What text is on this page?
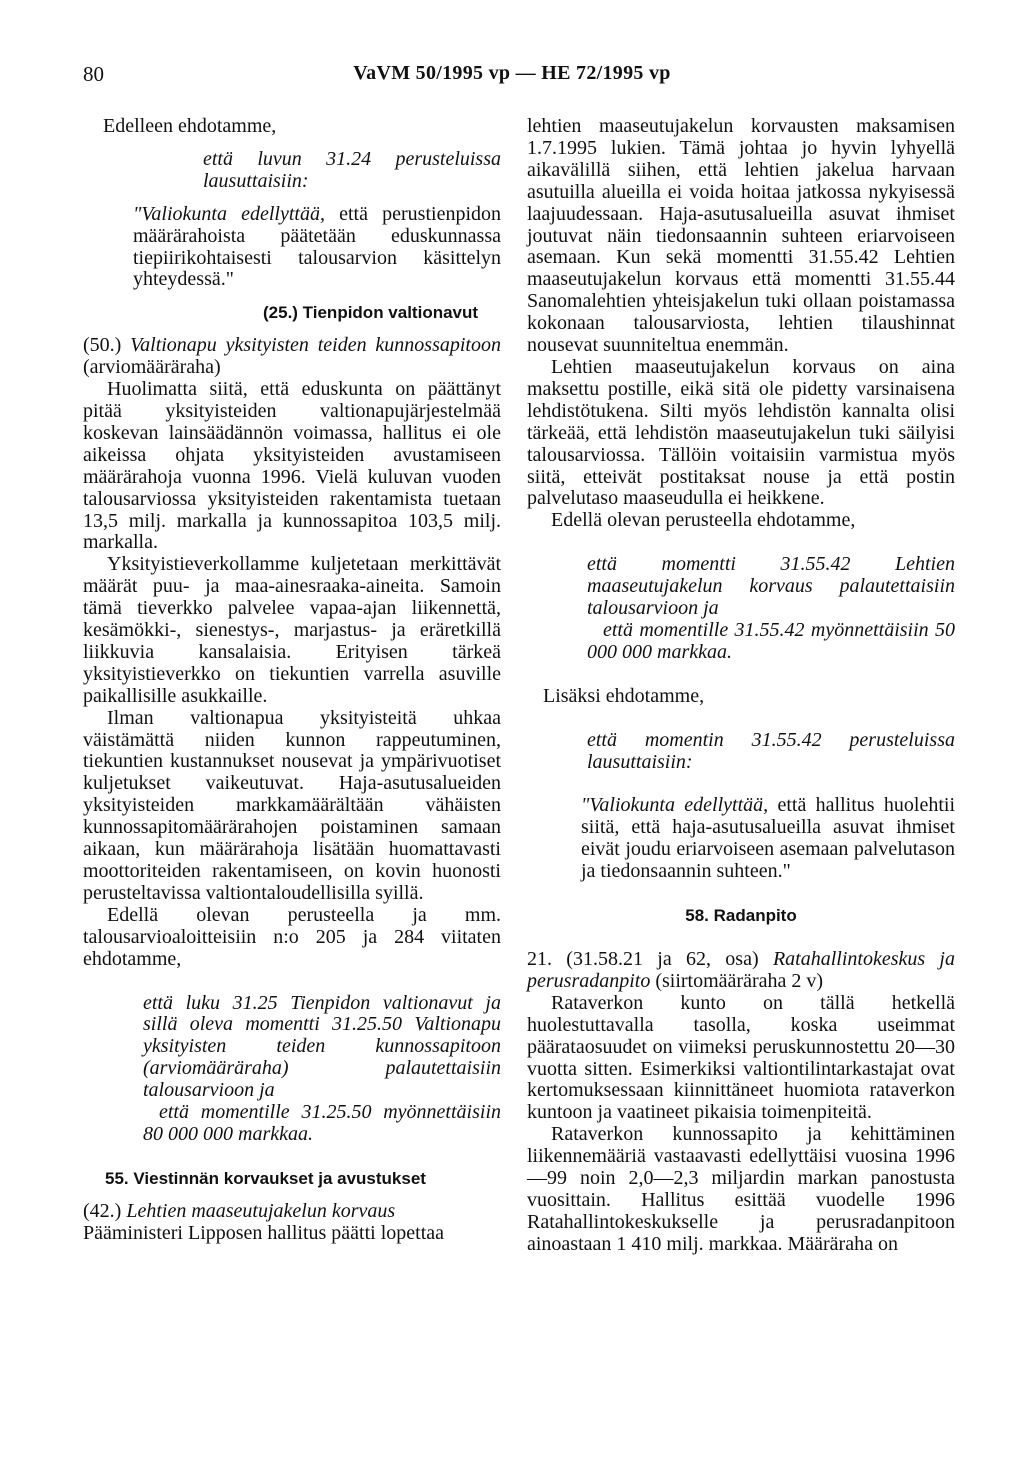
80	VaVM 50/1995 vp — HE 72/1995 vp

Edelleen ehdotamme,

että luvun 31.24 perusteluissa lausuttaisiin:

"Valiokunta edellyttää, että perustienpidon määrärahoista päätetään eduskunnassa tiepiirikohtaisesti talousarvion käsittelyn yhteydessä."

(25.) Tienpidon valtionavut

(50.) Valtionapu yksityisten teiden kunnossapitoon (arviomääräraha)

Huolimatta siitä, että eduskunta on päättänyt pitää yksityisteiden valtionapujärjestelmää koskevan lainsäädännön voimassa, hallitus ei ole aikeissa ohjata yksityisteiden avustamiseen määrärahoja vuonna 1996. Vielä kuluvan vuoden talousarviossa yksityisteiden rakentamista tuetaan 13,5 milj. markalla ja kunnossapitoa 103,5 milj. markalla.

Yksityistieverkollamme kuljetetaan merkittävät määrät puu- ja maa-ainesraaka-aineita. Samoin tämä tieverkko palvelee vapaa-ajan liikennettä, kesämökki-, sienestys-, marjastus- ja eräretkillä liikkuvia kansalaisia. Erityisen tärkeä yksityistieverkko on tiekuntien varrella asuville paikallisille asukkaille.

Ilman valtionapua yksityisteitä uhkaa väistämättä niiden kunnon rappeutuminen, tiekuntien kustannukset nousevat ja ympärivuotiset kuljetukset vaikeutuvat. Haja-asutusalueiden yksityisteiden markkamäärältään vähäisten kunnossapitomäärärahojen poistaminen samaan aikaan, kun määrärahoja lisätään huomattavasti moottoriteiden rakentamiseen, on kovin huonosti perusteltavissa valtiontaloudellisilla syillä.

Edellä olevan perusteella ja mm. talousarvioaloitteisiin n:o 205 ja 284 viitaten ehdotamme,

että luku 31.25 Tienpidon valtionavut ja sillä oleva momentti 31.25.50 Valtionapu yksityisten teiden kunnossapitoon (arviomääräraha) palautettaisiin talousarvioon ja

että momentille 31.25.50 myönnettäisiin 80 000 000 markkaa.

55. Viestinnän korvaukset ja avustukset

(42.) Lehtien maaseutujakelun korvaus

Pääministeri Lipposen hallitus päätti lopettaa

lehtien maaseutujakelun korvausten maksamisen 1.7.1995 lukien. Tämä johtaa jo hyvin lyhyellä aikavälillä siihen, että lehtien jakelua harvaan asutuilla alueilla ei voida hoitaa jatkossa nykyisessä laajuudessaan. Haja-asutusalueilla asuvat ihmiset joutuvat näin tiedonsaannin suhteen eriarvoiseen asemaan. Kun sekä momentti 31.55.42 Lehtien maaseutujakelun korvaus että momentti 31.55.44 Sanomalehtien yhteisjakelun tuki ollaan poistamassa kokonaan talousarviosta, lehtien tilaushinnat nousevat suunniteltua enemmän.

Lehtien maaseutujakelun korvaus on aina maksettu postille, eikä sitä ole pidetty varsinaisena lehdistötukena. Silti myös lehdistön kannalta olisi tärkeää, että lehdistön maaseutujakelun tuki säilyisi talousarviossa. Tällöin voitaisiin varmistua myös siitä, etteivät postitaksat nouse ja että postin palvelutaso maaseudulla ei heikkene.

Edellä olevan perusteella ehdotamme,

että momentti 31.55.42 Lehtien maaseutujakelun korvaus palautettaisiin talousarvioon ja

että momentille 31.55.42 myönnettäisiin 50 000 000 markkaa.

Lisäksi ehdotamme,

että momentin 31.55.42 perusteluissa lausuttaisiin:

"Valiokunta edellyttää, että hallitus huolehtii siitä, että haja-asutusalueilla asuvat ihmiset eivät joudu eriarvoiseen asemaan palvelutason ja tiedonsaannin suhteen."

58. Radanpito

21. (31.58.21 ja 62, osa) Ratahallintokeskus ja perusradanpito (siirtomääräraha 2 v)

Rataverkon kunto on tällä hetkellä huolestuttavalla tasolla, koska useimmat päärataosuudet on viimeksi peruskunnostettu 20—30 vuotta sitten. Esimerkiksi valtiontilintarkastajat ovat kertomuksessaan kiinnittäneet huomiota rataverkon kuntoon ja vaatineet pikaisia toimenpiteitä.

Rataverkon kunnossapito ja kehittäminen liikennemääriä vastaavasti edellyttäisi vuosina 1996—99 noin 2,0—2,3 miljardin markan panostusta vuosittain. Hallitus esittää vuodelle 1996 Ratahallintokeskukselle ja perusradanpitoon ainoastaan 1 410 milj. markkaa. Määräraha on
